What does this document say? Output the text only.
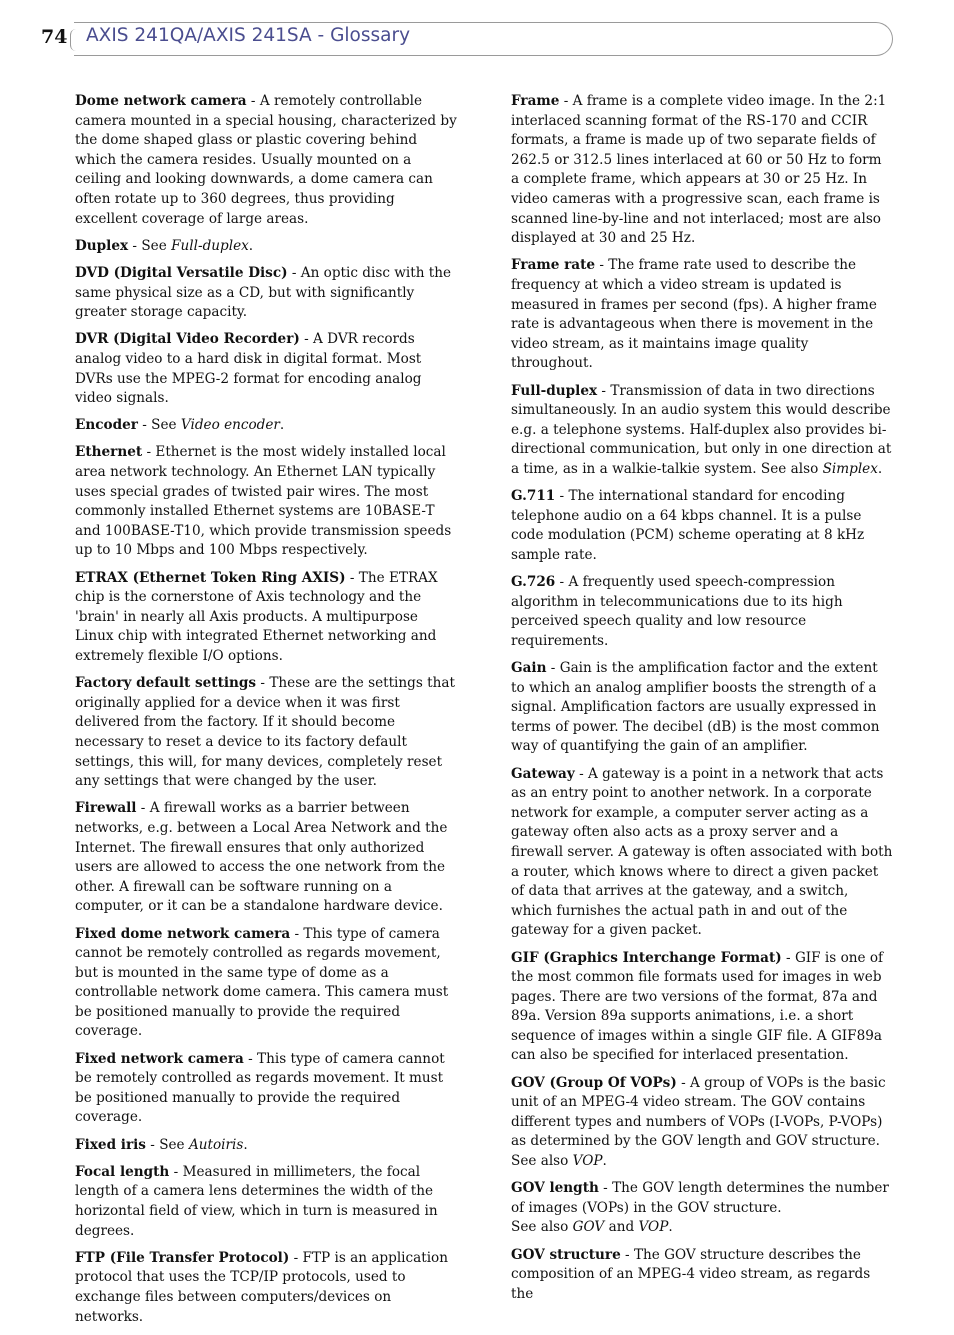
74 AXIS 241QA/AXIS 241SA - Glossary

Dome network camera - A remotely controllable camera mounted in a special housing, characterized by the dome shaped glass or plastic covering behind which the camera resides. Usually mounted on a ceiling and looking downwards, a dome camera can often rotate up to 360 degrees, thus providing excellent coverage of large areas.

Duplex - See Full-duplex.

DVD (Digital Versatile Disc) - An optic disc with the same physical size as a CD, but with significantly greater storage capacity.

DVR (Digital Video Recorder) - A DVR records analog video to a hard disk in digital format. Most DVRs use the MPEG-2 format for encoding analog video signals.

Encoder - See Video encoder.

Ethernet - Ethernet is the most widely installed local area network technology. An Ethernet LAN typically uses special grades of twisted pair wires. The most commonly installed Ethernet systems are 10BASE-T and 100BASE-T10, which provide transmission speeds up to 10 Mbps and 100 Mbps respectively.

ETRAX (Ethernet Token Ring AXIS) - The ETRAX chip is the cornerstone of Axis technology and the 'brain' in nearly all Axis products. A multipurpose Linux chip with integrated Ethernet networking and extremely flexible I/O options.

Factory default settings - These are the settings that originally applied for a device when it was first delivered from the factory. If it should become necessary to reset a device to its factory default settings, this will, for many devices, completely reset any settings that were changed by the user.

Firewall - A firewall works as a barrier between networks, e.g. between a Local Area Network and the Internet. The firewall ensures that only authorized users are allowed to access the one network from the other. A firewall can be software running on a computer, or it can be a standalone hardware device.

Fixed dome network camera - This type of camera cannot be remotely controlled as regards movement, but is mounted in the same type of dome as a controllable network dome camera. This camera must be positioned manually to provide the required coverage.

Fixed network camera - This type of camera cannot be remotely controlled as regards movement. It must be positioned manually to provide the required coverage.

Fixed iris - See Autoiris.

Focal length - Measured in millimeters, the focal length of a camera lens determines the width of the horizontal field of view, which in turn is measured in degrees.

FTP (File Transfer Protocol) - FTP is an application protocol that uses the TCP/IP protocols, used to exchange files between computers/devices on networks.

Frame - A frame is a complete video image. In the 2:1 interlaced scanning format of the RS-170 and CCIR formats, a frame is made up of two separate fields of 262.5 or 312.5 lines interlaced at 60 or 50 Hz to form a complete frame, which appears at 30 or 25 Hz. In video cameras with a progressive scan, each frame is scanned line-by-line and not interlaced; most are also displayed at 30 and 25 Hz.

Frame rate - The frame rate used to describe the frequency at which a video stream is updated is measured in frames per second (fps). A higher frame rate is advantageous when there is movement in the video stream, as it maintains image quality throughout.

Full-duplex - Transmission of data in two directions simultaneously. In an audio system this would describe e.g. a telephone systems. Half-duplex also provides bi-directional communication, but only in one direction at a time, as in a walkie-talkie system. See also Simplex.

G.711 - The international standard for encoding telephone audio on a 64 kbps channel. It is a pulse code modulation (PCM) scheme operating at 8 kHz sample rate.

G.726 - A frequently used speech-compression algorithm in telecommunications due to its high perceived speech quality and low resource requirements.

Gain - Gain is the amplification factor and the extent to which an analog amplifier boosts the strength of a signal. Amplification factors are usually expressed in terms of power. The decibel (dB) is the most common way of quantifying the gain of an amplifier.

Gateway - A gateway is a point in a network that acts as an entry point to another network. In a corporate network for example, a computer server acting as a gateway often also acts as a proxy server and a firewall server. A gateway is often associated with both a router, which knows where to direct a given packet of data that arrives at the gateway, and a switch, which furnishes the actual path in and out of the gateway for a given packet.

GIF (Graphics Interchange Format) - GIF is one of the most common file formats used for images in web pages. There are two versions of the format, 87a and 89a. Version 89a supports animations, i.e. a short sequence of images within a single GIF file. A GIF89a can also be specified for interlaced presentation.

GOV (Group Of VOPs) - A group of VOPs is the basic unit of an MPEG-4 video stream. The GOV contains different types and numbers of VOPs (I-VOPs, P-VOPs) as determined by the GOV length and GOV structure. See also VOP.

GOV length - The GOV length determines the number of images (VOPs) in the GOV structure.
See also GOV and VOP.

GOV structure - The GOV structure describes the composition of an MPEG-4 video stream, as regards the
